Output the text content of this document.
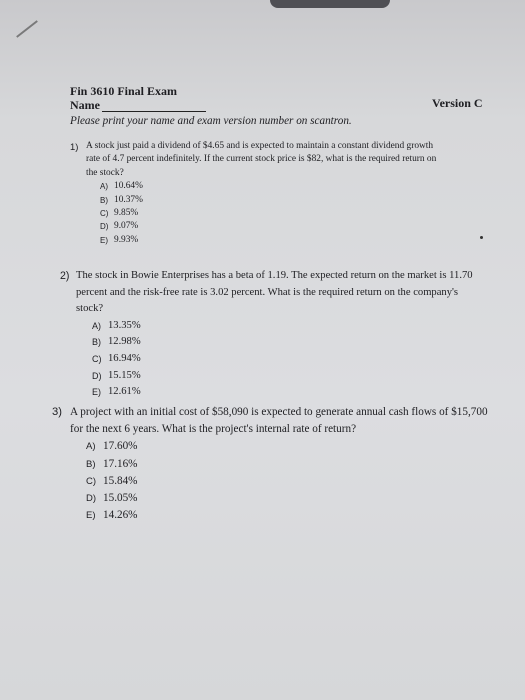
Fin 3610 Final Exam
Name	Version C
Please print your name and exam version number on scantron.
1) A stock just paid a dividend of $4.65 and is expected to maintain a constant dividend growth
rate of 4.7 percent indefinitely. If the current stock price is $82, what is the required return on
the stock?
A) 10.64%
B) 10.37%
C) 9.85%
D) 9.07%
E) 9.93%
2) The stock in Bowie Enterprises has a beta of 1.19. The expected return on the market is 11.70
percent and the risk-free rate is 3.02 percent. What is the required return on the company's
stock?
A) 13.35%
B) 12.98%
C) 16.94%
D) 15.15%
E) 12.61%
3) A project with an initial cost of $58,090 is expected to generate annual cash flows of $15,700
for the next 6 years. What is the project's internal rate of return?
A) 17.60%
B) 17.16%
C) 15.84%
D) 15.05%
E) 14.26%
